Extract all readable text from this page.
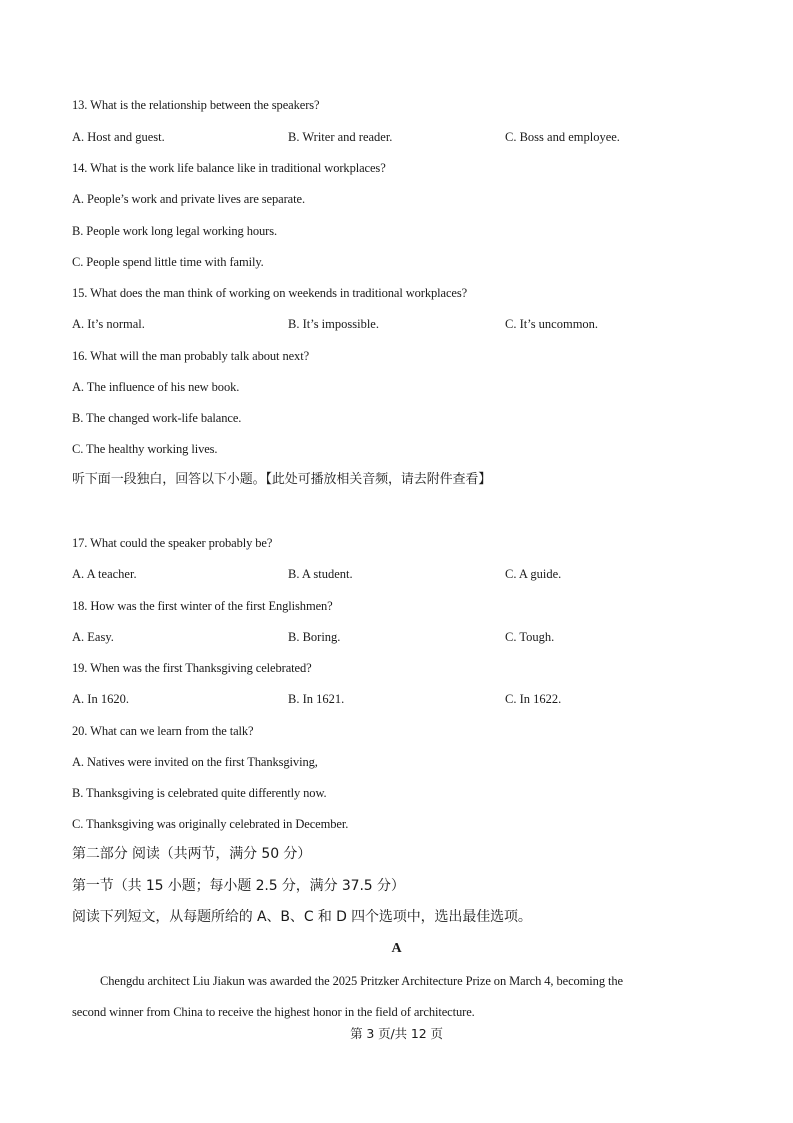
13. What is the relationship between the speakers?
A. Host and guest.	B. Writer and reader.	C. Boss and employee.
14. What is the work life balance like in traditional workplaces?
A. People’s work and private lives are separate.
B. People work long legal working hours.
C. People spend little time with family.
15. What does the man think of working on weekends in traditional workplaces?
A. It’s normal.	B. It’s impossible.	C. It’s uncommon.
16. What will the man probably talk about next?
A. The influence of his new book.
B. The changed work-life balance.
C. The healthy working lives.
听下面一段独白，回答以下小题。【此处可播放相关音频，请去附件查看】
17. What could the speaker probably be?
A. A teacher.	B. A student.	C. A guide.
18. How was the first winter of the first Englishmen?
A. Easy.	B. Boring.	C. Tough.
19. When was the first Thanksgiving celebrated?
A. In 1620.	B. In 1621.	C. In 1622.
20. What can we learn from the talk?
A. Natives were invited on the first Thanksgiving,
B. Thanksgiving is celebrated quite differently now.
C. Thanksgiving was originally celebrated in December.
第二部分 阅读（共两节，满分 50 分）
第一节（共 15 小题；每小题 2.5 分，满分 37.5 分）
阅读下列短文，从每题所给的 A、B、C 和 D 四个选项中，选出最佳选项。
A
Chengdu architect Liu Jiakun was awarded the 2025 Pritzker Architecture Prize on March 4, becoming the
second winner from China to receive the highest honor in the field of architecture.
第 3 页/共 12 页
